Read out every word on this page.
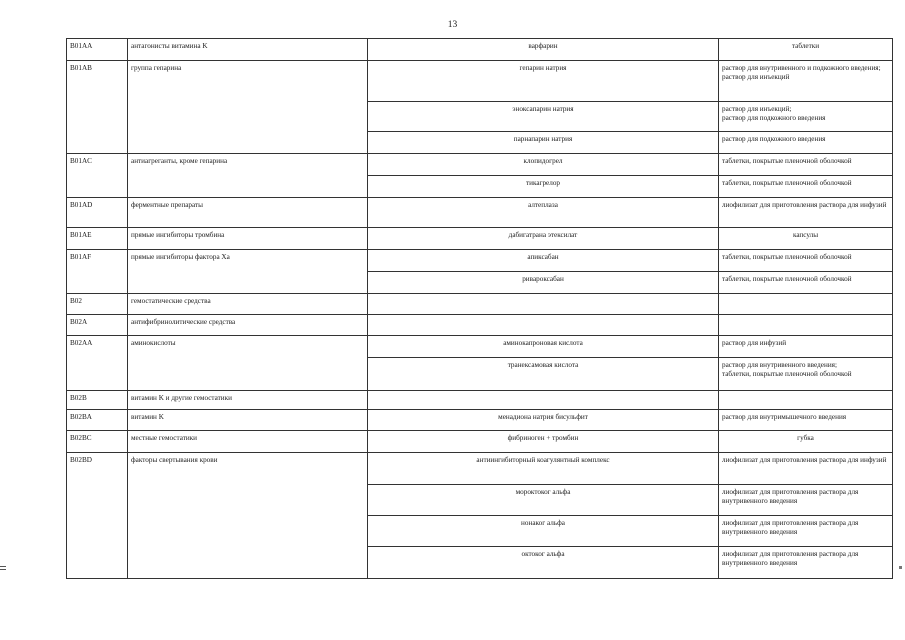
13
B01AA	антагонисты витамина K	варфарин	таблетки
B01AB	группа гепарина	гепарин натрия	раствор для внутривенного и подкожного введения;
раствор для инъекций
		эноксапарин натрия	раствор для инъекций;
раствор для подкожного введения
		парнапарин натрия	раствор для подкожного введения
B01AC	антиагреганты, кроме гепарина	клопидогрел	таблетки, покрытые пленочной оболочкой
		тикагрелор	таблетки, покрытые пленочной оболочкой
B01AD	ферментные препараты	алтеплаза	лиофилизат для приготовления раствора для инфузий
B01AE	прямые ингибиторы тромбина	дабигатрана этексилат	капсулы
B01AF	прямые ингибиторы фактора Xa	апиксабан	таблетки, покрытые пленочной оболочкой
		ривароксабан	таблетки, покрытые пленочной оболочкой
B02	гемостатические средства		
B02A	антифибринолитические средства		
B02AA	аминокислоты	аминокапроновая кислота	раствор для инфузий
		транексамовая кислота	раствор для внутривенного введения;
таблетки, покрытые пленочной оболочкой
B02B	витамин K и другие гемостатики		
B02BA	витамин K	менадиона натрия бисульфит	раствор для внутримышечного введения
B02BC	местные гемостатики	фибриноген + тромбин	губка
B02BD	факторы свертывания крови	антиингибиторный коагулянтный комплекс	лиофилизат для приготовления раствора для инфузий
		мороктоког альфа	лиофилизат для приготовления раствора для внутривенного введения
		нонаког альфа	лиофилизат для приготовления раствора для внутривенного введения
		октоког альфа	лиофилизат для приготовления раствора для внутривенного введения
